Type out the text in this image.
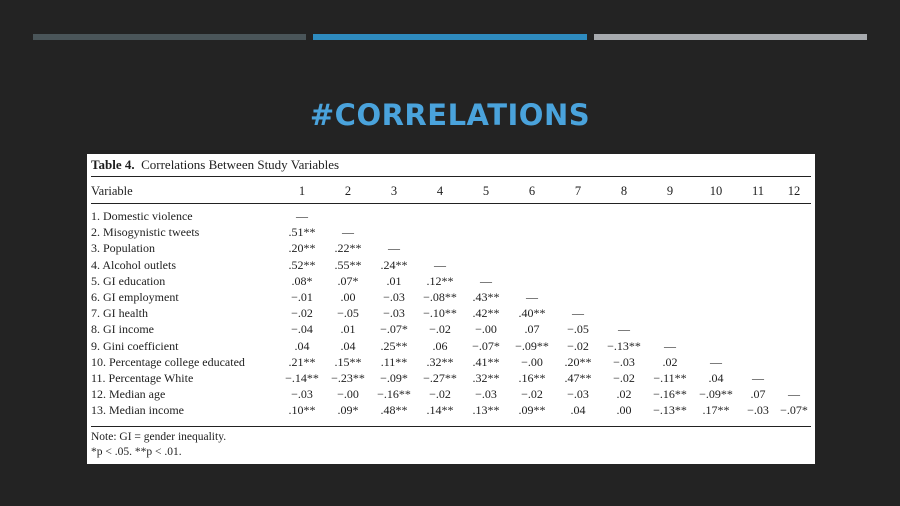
#CORRELATIONS
Table 4. Correlations Between Study Variables
Variable	1	2	3	4	5	6	7	8	9	10	11	12
1. Domestic violence	—											
2. Misogynistic tweets	.51**	—										
3. Population	.20**	.22**	—									
4. Alcohol outlets	.52**	.55**	.24**	—								
5. GI education	.08*	.07*	.01	.12**	—							
6. GI employment	−.01	.00	−.03	−.08**	.43**	—						
7. GI health	−.02	−.05	−.03	−.10**	.42**	.40**	—					
8. GI income	−.04	.01	−.07*	−.02	−.00	.07	−.05	—				
9. Gini coefficient	.04	.04	.25**	.06	−.07*	−.09**	−.02	−.13**	—			
10. Percentage college educated	.21**	.15**	.11**	.32**	.41**	−.00	.20**	−.03	.02	—		
11. Percentage White	−.14**	−.23**	−.09*	−.27**	.32**	.16**	.47**	−.02	−.11**	.04	—	
12. Median age	−.03	−.00	−.16**	−.02	−.03	−.02	−.03	.02	−.16**	−.09**	.07	—
13. Median income	.10**	.09*	.48**	.14**	.13**	.09**	.04	.00	−.13**	.17**	−.03	−.07*
Note: GI = gender inequality.
*p < .05. **p < .01.
